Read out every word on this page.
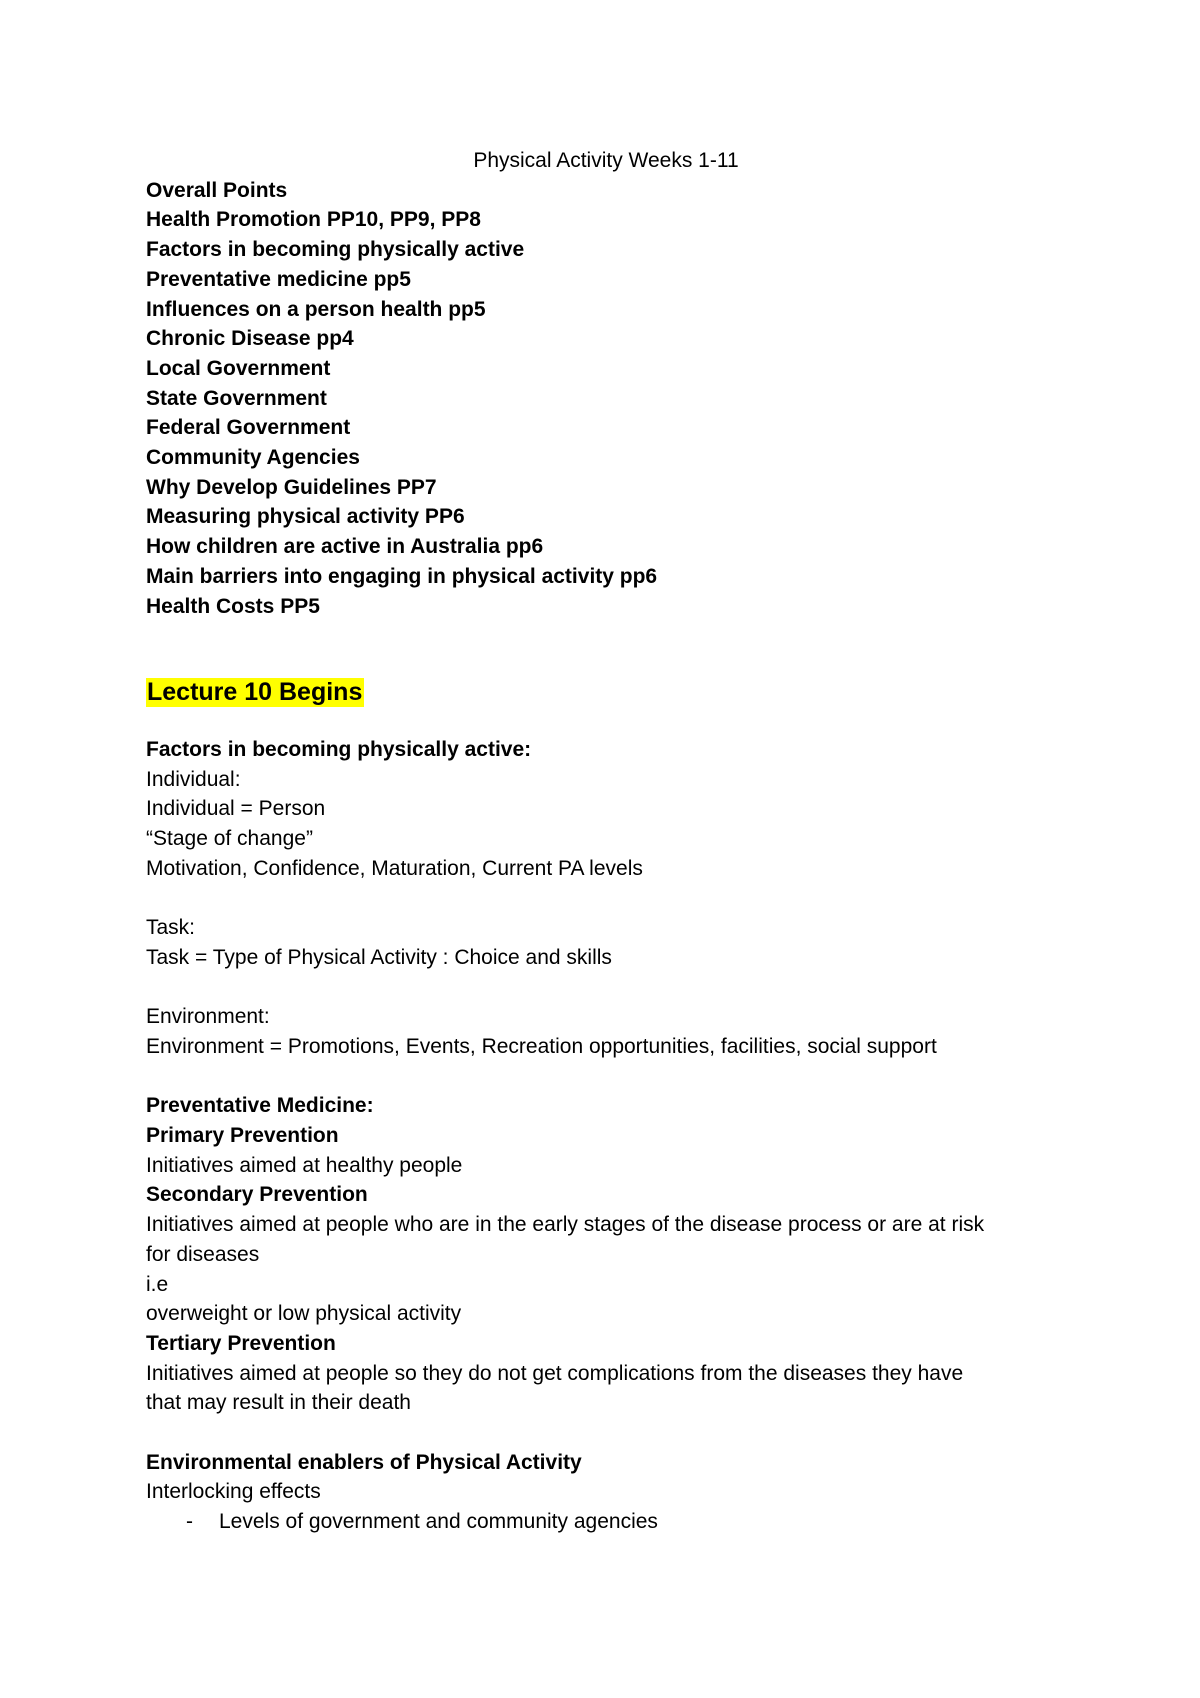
Physical Activity Weeks 1-11

Overall Points

Health Promotion PP10, PP9, PP8
Factors in becoming physically active
Preventative medicine pp5
Influences on a person health pp5
Chronic Disease pp4
Local Government
State Government
Federal Government
Community Agencies
Why Develop Guidelines PP7
Measuring physical activity PP6
How children are active in Australia pp6
Main barriers into engaging in physical activity pp6
Health Costs PP5

Lecture 10 Begins

Factors in becoming physically active:

Individual:

Individual = Person

“Stage of change”

Motivation, Confidence, Maturation, Current PA levels

Task:

Task = Type of Physical Activity : Choice and skills

Environment:

Environment = Promotions, Events, Recreation opportunities, facilities, social support

Preventative Medicine:

Primary Prevention

Initiatives aimed at healthy people

Secondary Prevention

Initiatives aimed at people who are in the early stages of the disease process or are at risk

for diseases

i.e

overweight or low physical activity

Tertiary Prevention

Initiatives aimed at people so they do not get complications from the diseases they have

that may result in their death

Environmental enablers of Physical Activity

Interlocking effects

- Levels of government and community agencies
